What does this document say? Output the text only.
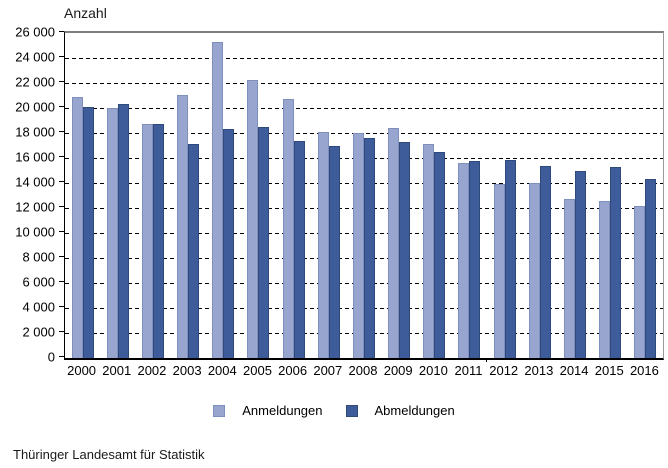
Anzahl
0
2 000
4 000
6 000
8 000
10 000
12 000
14 000
16 000
18 000
20 000
22 000
24 000
26 000
2000 2001 2002 2003 2004 2005 2006 2007 2008 2009 2010 2011 2012 2013 2014 2015 2016
Anmeldungen	Abmeldungen
Thüringer Landesamt für Statistik
